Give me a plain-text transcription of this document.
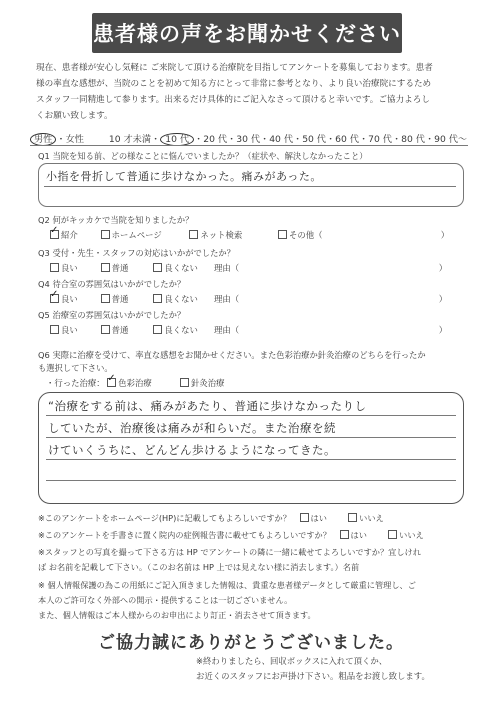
患者様の声をお聞かせください
現在、患者様が安心し気軽に ご来院して頂ける治療院を目指してアンケートを募集しております。患者
様の率直な感想が、当院のことを初めて知る方にとって非常に参考となり、より良い治療院にするため
スタッフ一同精進して参ります。出来るだけ具体的にご記入なさって頂けると幸いです。ご協力よろし
くお願い致します。
男性 ・女性	10 才未満・ 10 代 ・20 代・30 代・40 代・50 代・60 代・70 代・80 代・90 代～
Q1 当院を知る前、どの様なことに悩んでいましたか？（症状や、解決しなかったこと）
小指を骨折して普通に歩けなかった。痛みがあった。
Q2 何がキッカケで当院を知りましたか？
✓紹介	ホームページ	ネット検索	その他（	）
Q3 受付・先生・スタッフの対応はいかがでしたか？
良い	普通	良くない 理由（	）
Q4 待合室の雰囲気はいかがでしたか？
✓良い	普通	良くない 理由（	）
Q5 治療室の雰囲気はいかがでしたか？
良い	普通	良くない 理由（	）
Q6 実際に治療を受けて、率直な感想をお聞かせください。また色彩治療か針灸治療のどちらを行ったか
も選択して下さい。
・行った治療： ✓ 色彩治療	針灸治療
“治療をする前は、痛みがあたり、普通に歩けなかったりし
していたが、治療後は痛みが和らいだ。また治療を続
けていくうちに、どんどん歩けるようになってきた。
※このアンケートをホームページ(HP)に記載してもよろしいですか？ はい	いいえ
※このアンケートを手書きに置く院内の症例報告書に載せてもよろしいですか？ はい	いいえ
※スタッフとの写真を撮って下さる方は HP でアンケートの隣に一緒に載せてよろしいですか？宜しけれ
ば お名前を記載して下さい。（このお名前は HP 上では見えない様に消去します。）名前
※ 個人情報保護の為この用紙にご記入頂きました情報は、貴重な患者様データとして厳重に管理し、ご
本人のご許可なく外部への開示・提供することは一切ございません。
また、個人情報はご本人様からのお申出により訂正・消去させて頂きます。
ご協力誠にありがとうございました。
※終わりましたら、回収ボックスに入れて頂くか、
お近くのスタッフにお声掛け下さい。粗品をお渡し致します。
